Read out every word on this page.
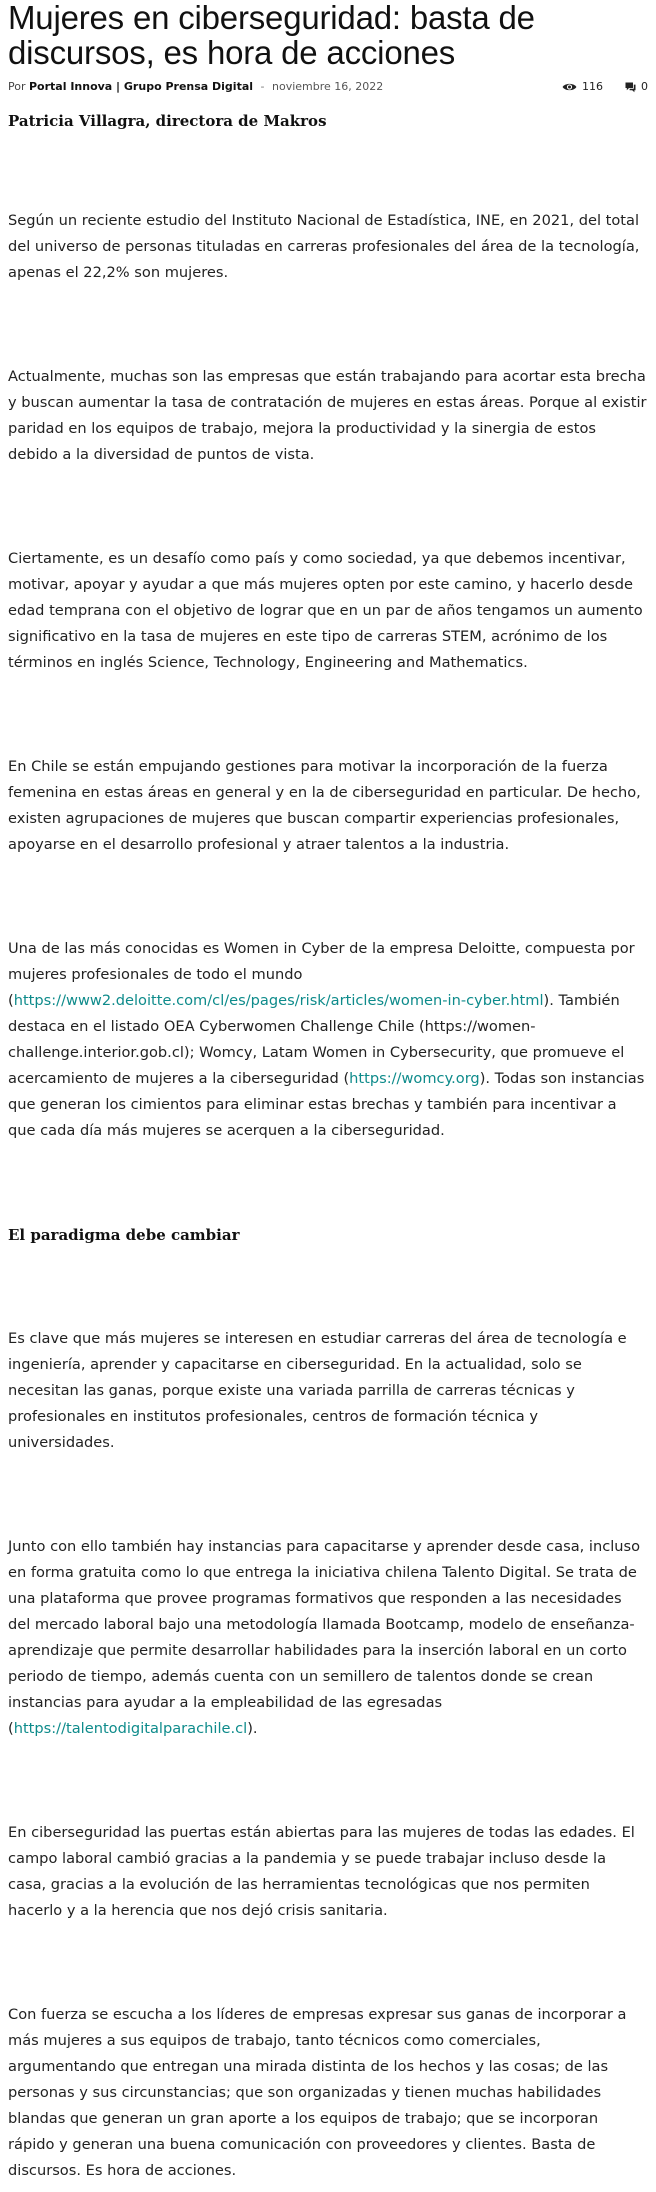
Mujeres en ciberseguridad: basta de discursos, es hora de acciones
Por Portal Innova | Grupo Prensa Digital - noviembre 16, 2022	116	0
Patricia Villagra, directora de Makros

Según un reciente estudio del Instituto Nacional de Estadística, INE, en 2021, del total del universo de personas tituladas en carreras profesionales del área de la tecnología, apenas el 22,2% son mujeres.

Actualmente, muchas son las empresas que están trabajando para acortar esta brecha y buscan aumentar la tasa de contratación de mujeres en estas áreas. Porque al existir paridad en los equipos de trabajo, mejora la productividad y la sinergia de estos debido a la diversidad de puntos de vista.

Ciertamente, es un desafío como país y como sociedad, ya que debemos incentivar, motivar, apoyar y ayudar a que más mujeres opten por este camino, y hacerlo desde edad temprana con el objetivo de lograr que en un par de años tengamos un aumento significativo en la tasa de mujeres en este tipo de carreras STEM, acrónimo de los términos en inglés Science, Technology, Engineering and Mathematics.

En Chile se están empujando gestiones para motivar la incorporación de la fuerza femenina en estas áreas en general y en la de ciberseguridad en particular. De hecho, existen agrupaciones de mujeres que buscan compartir experiencias profesionales, apoyarse en el desarrollo profesional y atraer talentos a la industria.

Una de las más conocidas es Women in Cyber de la empresa Deloitte, compuesta por mujeres profesionales de todo el mundo (https://www2.deloitte.com/cl/es/pages/risk/articles/women-in-cyber.html). También destaca en el listado OEA Cyberwomen Challenge Chile (https://women-challenge.interior.gob.cl); Womcy, Latam Women in Cybersecurity, que promueve el acercamiento de mujeres a la ciberseguridad (https://womcy.org). Todas son instancias que generan los cimientos para eliminar estas brechas y también para incentivar a que cada día más mujeres se acerquen a la ciberseguridad.

El paradigma debe cambiar

Es clave que más mujeres se interesen en estudiar carreras del área de tecnología e ingeniería, aprender y capacitarse en ciberseguridad. En la actualidad, solo se necesitan las ganas, porque existe una variada parrilla de carreras técnicas y profesionales en institutos profesionales, centros de formación técnica y universidades.

Junto con ello también hay instancias para capacitarse y aprender desde casa, incluso en forma gratuita como lo que entrega la iniciativa chilena Talento Digital. Se trata de una plataforma que provee programas formativos que responden a las necesidades del mercado laboral bajo una metodología llamada Bootcamp, modelo de enseñanza-aprendizaje que permite desarrollar habilidades para la inserción laboral en un corto periodo de tiempo, además cuenta con un semillero de talentos donde se crean instancias para ayudar a la empleabilidad de las egresadas (https://talentodigitalparachile.cl).

En ciberseguridad las puertas están abiertas para las mujeres de todas las edades. El campo laboral cambió gracias a la pandemia y se puede trabajar incluso desde la casa, gracias a la evolución de las herramientas tecnológicas que nos permiten hacerlo y a la herencia que nos dejó crisis sanitaria.

Con fuerza se escucha a los líderes de empresas expresar sus ganas de incorporar a más mujeres a sus equipos de trabajo, tanto técnicos como comerciales, argumentando que entregan una mirada distinta de los hechos y las cosas; de las personas y sus circunstancias; que son organizadas y tienen muchas habilidades blandas que generan un gran aporte a los equipos de trabajo; que se incorporan rápido y generan una buena comunicación con proveedores y clientes. Basta de discursos. Es hora de acciones.
